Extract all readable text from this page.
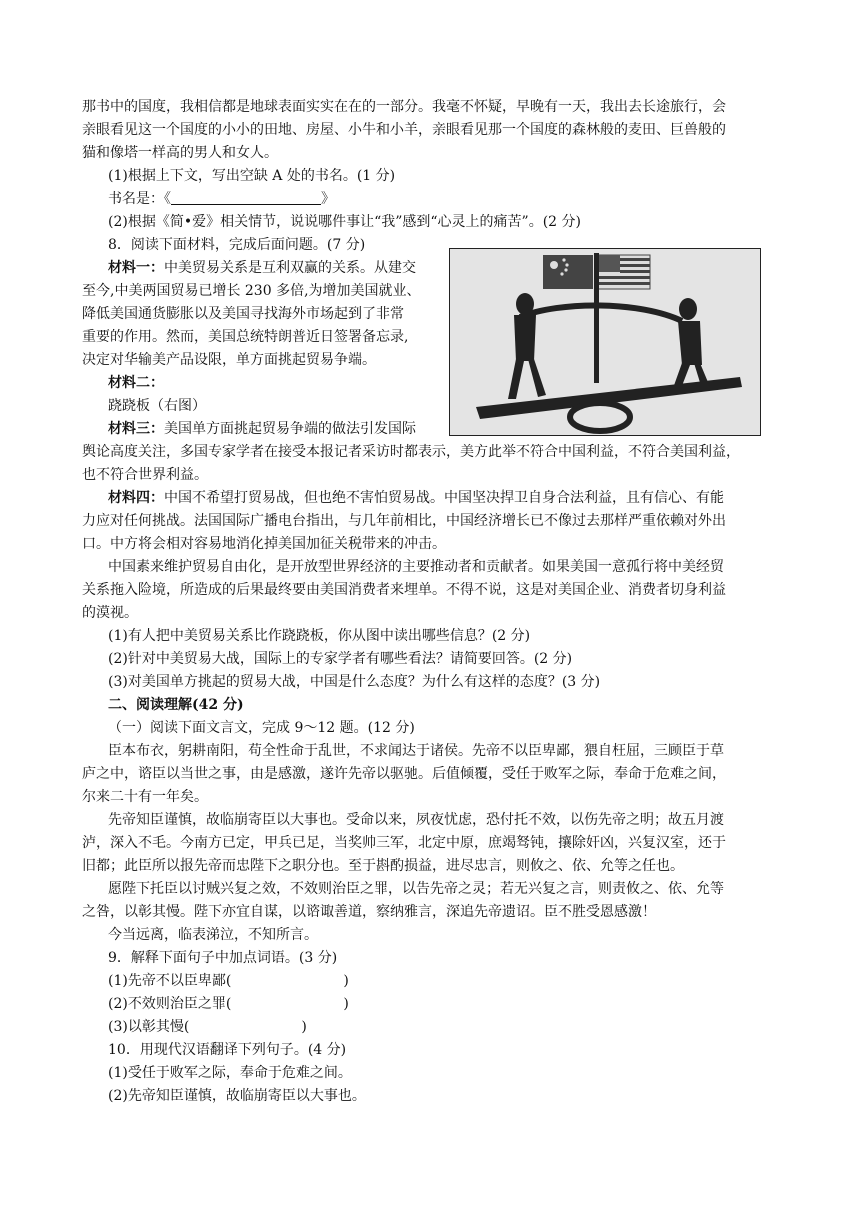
那书中的国度，我相信都是地球表面实实在在的一部分。我毫不怀疑，早晚有一天，我出去长途旅行，会
亲眼看见这一个国度的小小的田地、房屋、小牛和小羊，亲眼看见那一个国度的森林般的麦田、巨兽般的
猫和像塔一样高的男人和女人。
(1)根据上下文，写出空缺 A 处的书名。(1 分)
书名是：《	》
(2)根据《简•爱》相关情节，说说哪件事让“我”感到“心灵上的痛苦”。(2 分)
8．阅读下面材料，完成后面问题。(7 分)
材料一：中美贸易关系是互利双赢的关系。从建交
至今,中美两国贸易已增长 230 多倍,为增加美国就业、
降低美国通货膨胀以及美国寻找海外市场起到了非常
重要的作用。然而，美国总统特朗普近日签署备忘录,
决定对华输美产品设限，单方面挑起贸易争端。
材料二：
跷跷板（右图）
材料三：美国单方面挑起贸易争端的做法引发国际
舆论高度关注，多国专家学者在接受本报记者采访时都表示，美方此举不符合中国利益，不符合美国利益，
也不符合世界利益。
材料四：中国不希望打贸易战，但也绝不害怕贸易战。中国坚决捍卫自身合法利益，且有信心、有能
力应对任何挑战。法国国际广播电台指出，与几年前相比，中国经济增长已不像过去那样严重依赖对外出
口。中方将会相对容易地消化掉美国加征关税带来的冲击。
中国素来维护贸易自由化，是开放型世界经济的主要推动者和贡献者。如果美国一意孤行将中美经贸
关系拖入险境，所造成的后果最终要由美国消费者来埋单。不得不说，这是对美国企业、消费者切身利益
的漠视。
(1)有人把中美贸易关系比作跷跷板，你从图中读出哪些信息？(2 分)
(2)针对中美贸易大战，国际上的专家学者有哪些看法？请简要回答。(2 分)
(3)对美国单方挑起的贸易大战，中国是什么态度？为什么有这样的态度？(3 分)
二、阅读理解(42 分)
（一）阅读下面文言文，完成 9～12 题。(12 分)
臣本布衣，躬耕南阳，苟全性命于乱世，不求闻达于诸侯。先帝不以臣卑鄙，猥自枉屈，三顾臣于草
庐之中，谘臣以当世之事，由是感激，遂许先帝以驱驰。后值倾覆，受任于败军之际，奉命于危难之间，
尔来二十有一年矣。
先帝知臣谨慎，故临崩寄臣以大事也。受命以来，夙夜忧虑，恐付托不效，以伤先帝之明；故五月渡
泸，深入不毛。今南方已定，甲兵已足，当奖帅三军，北定中原，庶竭驽钝，攘除奸凶，兴复汉室，还于
旧都；此臣所以报先帝而忠陛下之职分也。至于斟酌损益，进尽忠言，则攸之、依、允等之任也。
愿陛下托臣以讨贼兴复之效，不效则治臣之罪，以告先帝之灵；若无兴复之言，则责攸之、依、允等
之咎，以彰其慢。陛下亦宜自谋，以谘诹善道，察纳雅言，深追先帝遗诏。臣不胜受恩感激！
今当远离，临表涕泣，不知所言。
9．解释下面句子中加点词语。(3 分)
(1)先帝不以臣卑鄙(	)
(2)不效则治臣之罪(	)
(3)以彰其慢(	)
10．用现代汉语翻译下列句子。(4 分)
(1)受任于败军之际，奉命于危难之间。
(2)先帝知臣谨慎，故临崩寄臣以大事也。
